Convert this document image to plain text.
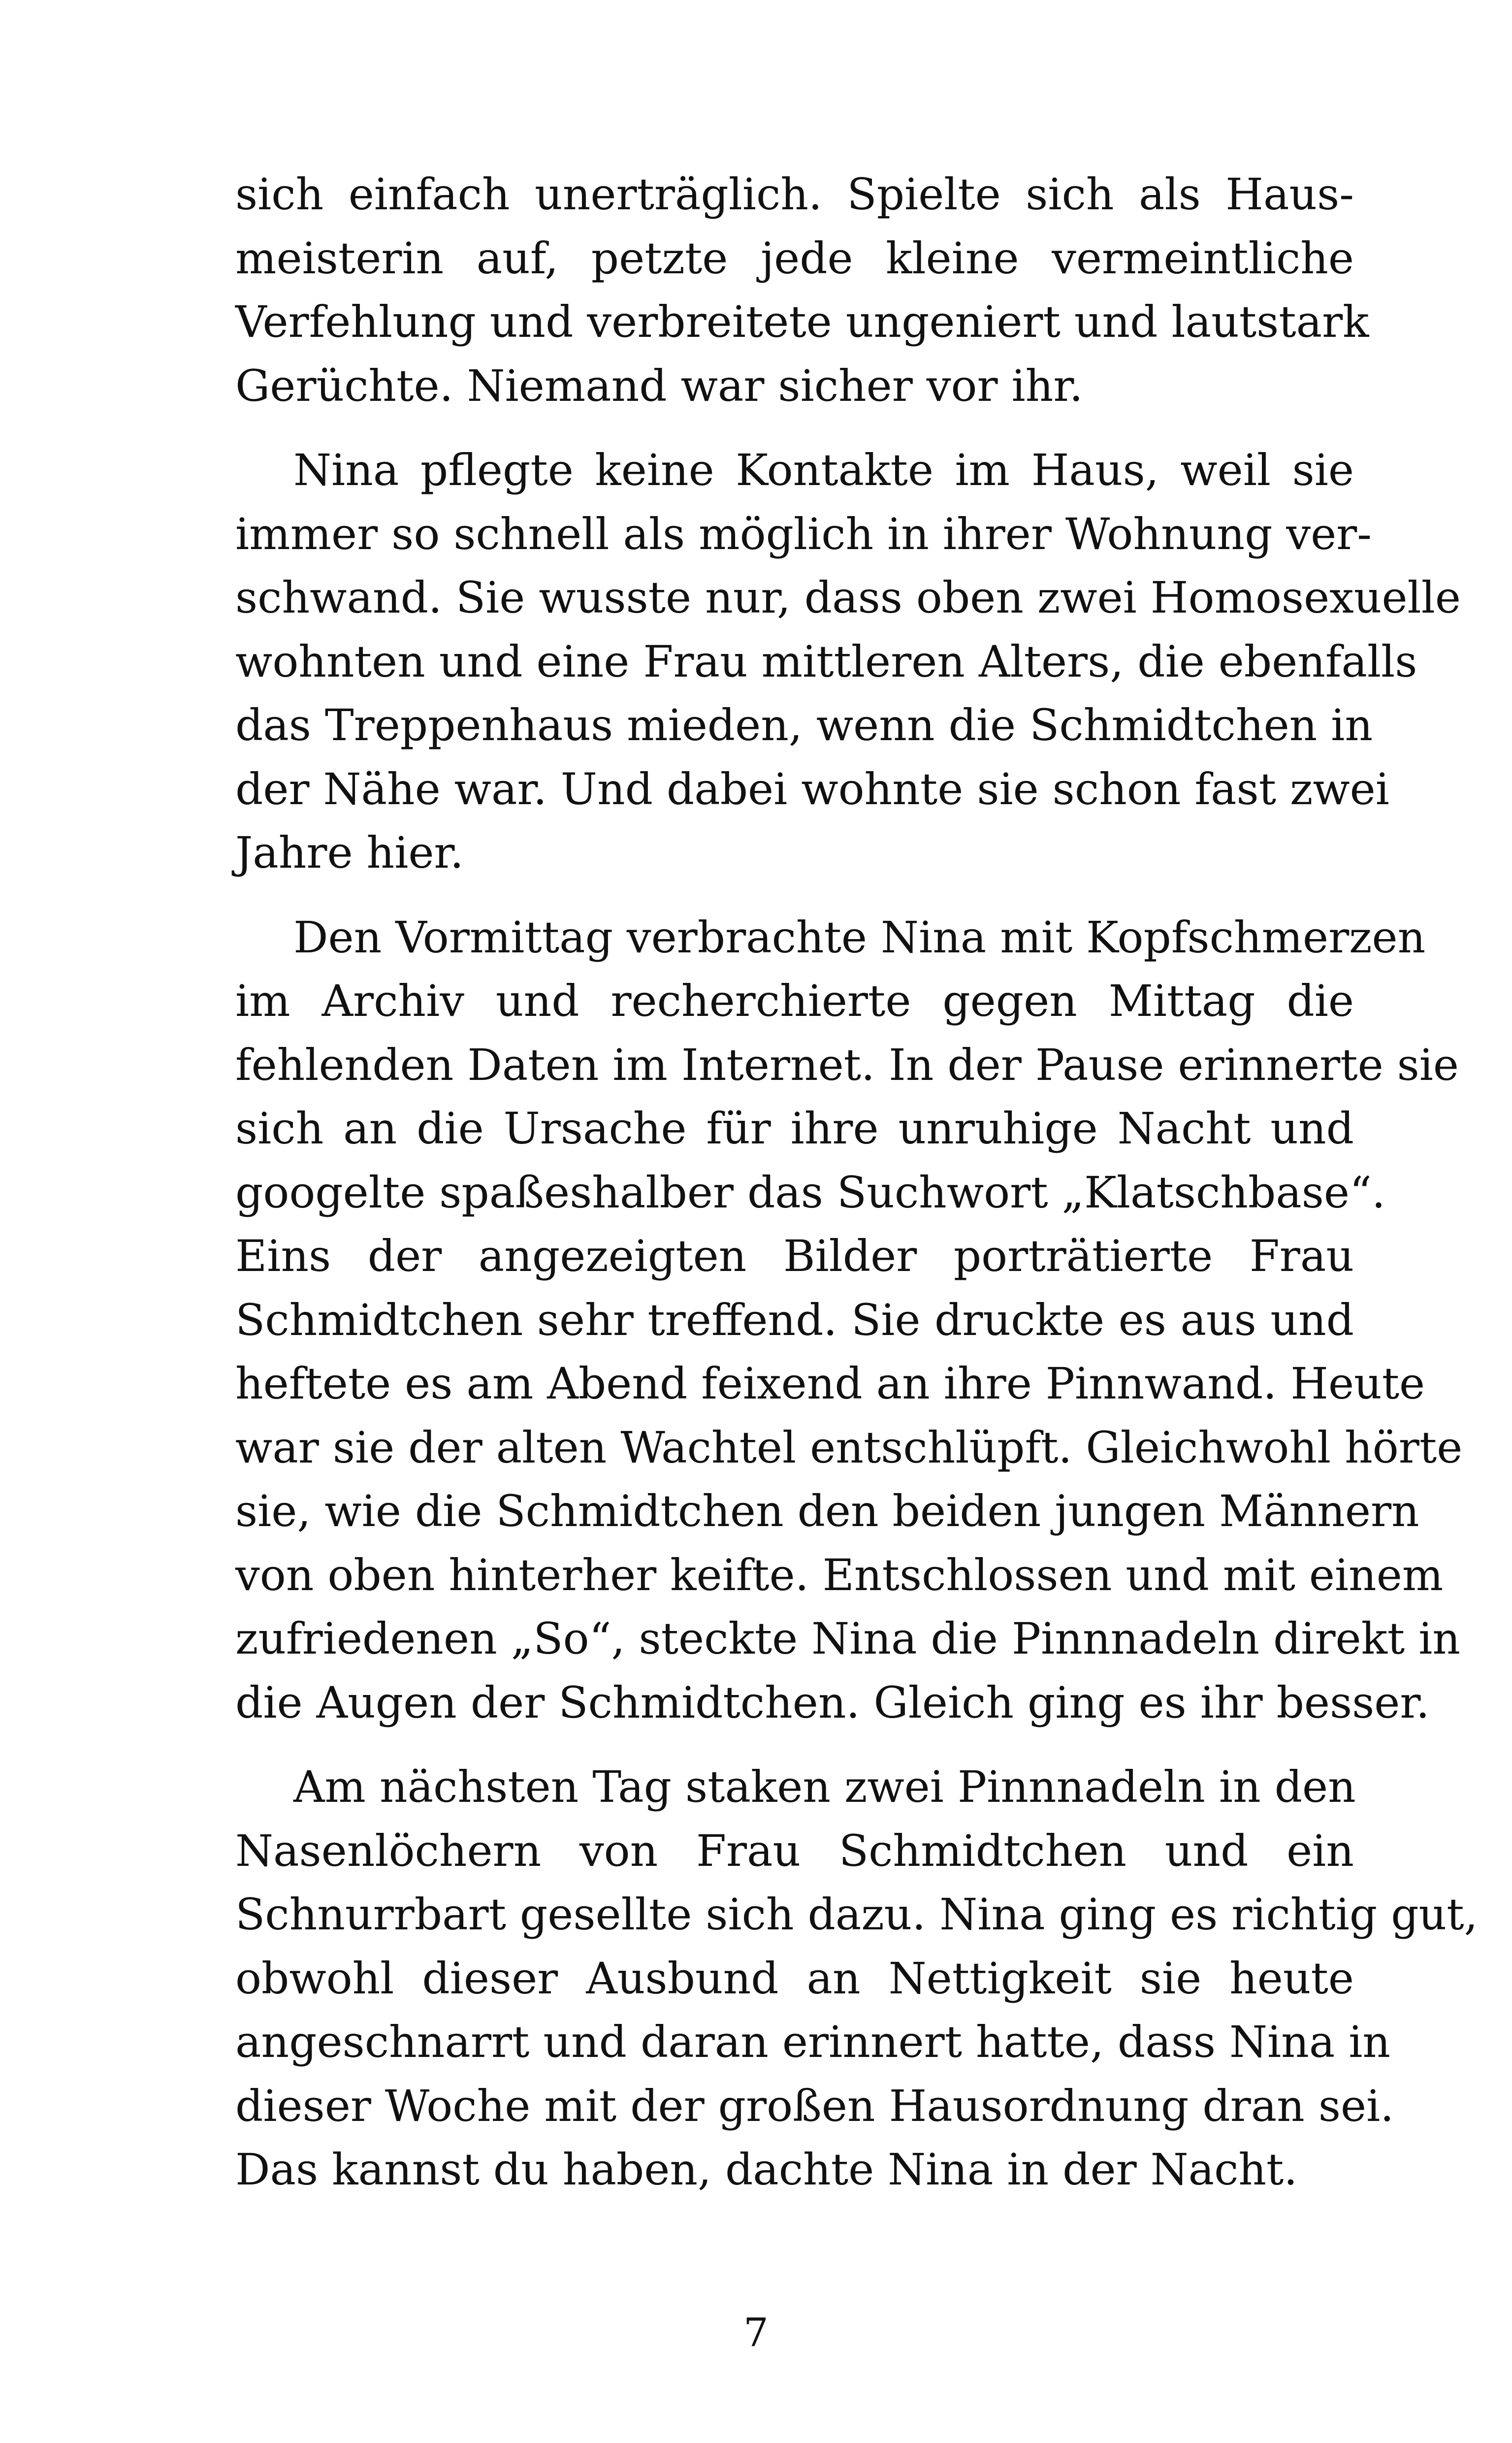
sich einfach unerträglich. Spielte sich als Haus-
meisterin auf, petzte jede kleine vermeintliche
Verfehlung und verbreitete ungeniert und lautstark
Gerüchte. Niemand war sicher vor ihr.
Nina pflegte keine Kontakte im Haus, weil sie
immer so schnell als möglich in ihrer Wohnung ver-
schwand. Sie wusste nur, dass oben zwei Homosexuelle
wohnten und eine Frau mittleren Alters, die ebenfalls
das Treppenhaus mieden, wenn die Schmidtchen in
der Nähe war. Und dabei wohnte sie schon fast zwei
Jahre hier.
Den Vormittag verbrachte Nina mit Kopfschmerzen
im Archiv und recherchierte gegen Mittag die
fehlenden Daten im Internet. In der Pause erinnerte sie
sich an die Ursache für ihre unruhige Nacht und
googelte spaßeshalber das Suchwort „Klatschbase“.
Eins der angezeigten Bilder porträtierte Frau
Schmidtchen sehr treffend. Sie druckte es aus und
heftete es am Abend feixend an ihre Pinnwand. Heute
war sie der alten Wachtel entschlüpft. Gleichwohl hörte
sie, wie die Schmidtchen den beiden jungen Männern
von oben hinterher keifte. Entschlossen und mit einem
zufriedenen „So“, steckte Nina die Pinnnadeln direkt in
die Augen der Schmidtchen. Gleich ging es ihr besser.
Am nächsten Tag staken zwei Pinnnadeln in den
Nasenlöchern von Frau Schmidtchen und ein
Schnurrbart gesellte sich dazu. Nina ging es richtig gut,
obwohl dieser Ausbund an Nettigkeit sie heute
angeschnarrt und daran erinnert hatte, dass Nina in
dieser Woche mit der großen Hausordnung dran sei.
Das kannst du haben, dachte Nina in der Nacht.
7
